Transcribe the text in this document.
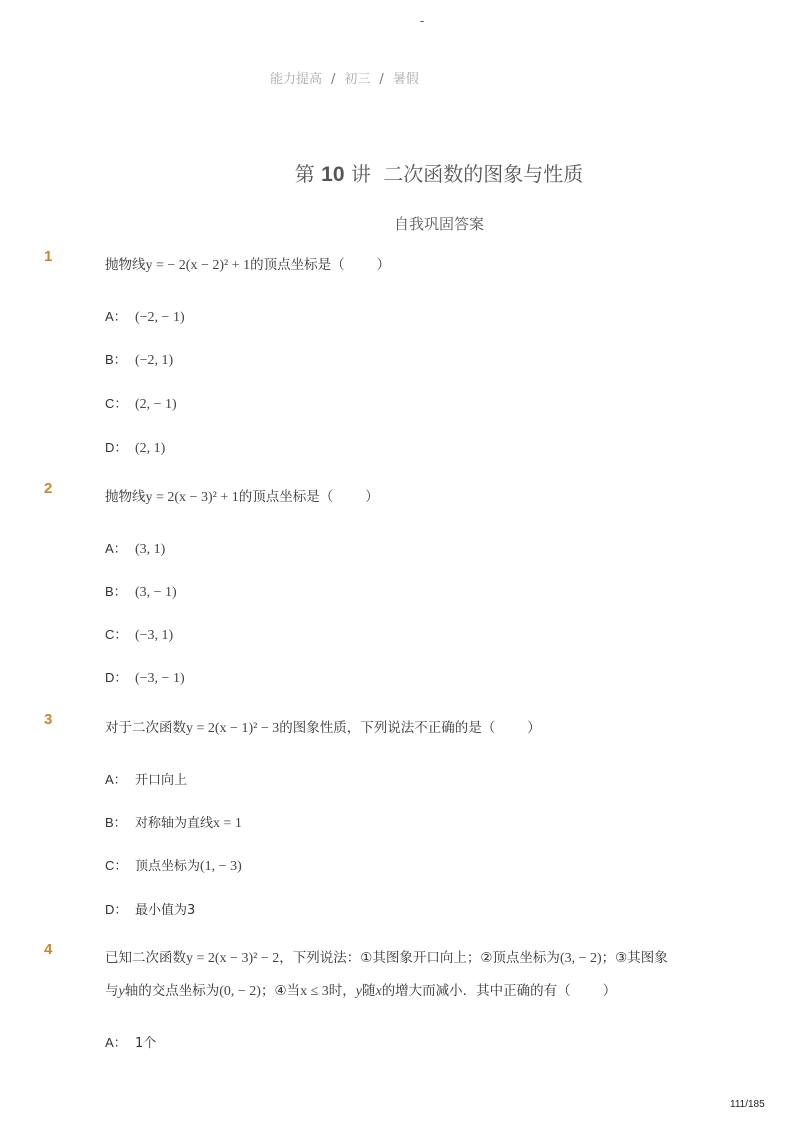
-
能力提高 / 初三 / 暑假
第 10 讲 二次函数的图象与性质
自我巩固答案
1	抛物线y = − 2(x − 2)² + 1的顶点坐标是（ ）
A： (−2, − 1)
B： (−2, 1)
C： (2, − 1)
D： (2, 1)
2	抛物线y = 2(x − 3)² + 1的顶点坐标是（ ）
A： (3, 1)
B： (3, − 1)
C： (−3, 1)
D： (−3, − 1)
3	对于二次函数y = 2(x − 1)² − 3的图象性质，下列说法不正确的是（ ）
A： 开口向上
B： 对称轴为直线x = 1
C： 顶点坐标为(1, − 3)
D： 最小值为3
4	已知二次函数y = 2(x − 3)² − 2，下列说法：①其图象开口向上；②顶点坐标为(3, − 2)；③其图象
与y轴的交点坐标为(0, − 2)；④当x ≤ 3时，y随x的增大而减小．其中正确的有（ ）
A： 1个
111/185
